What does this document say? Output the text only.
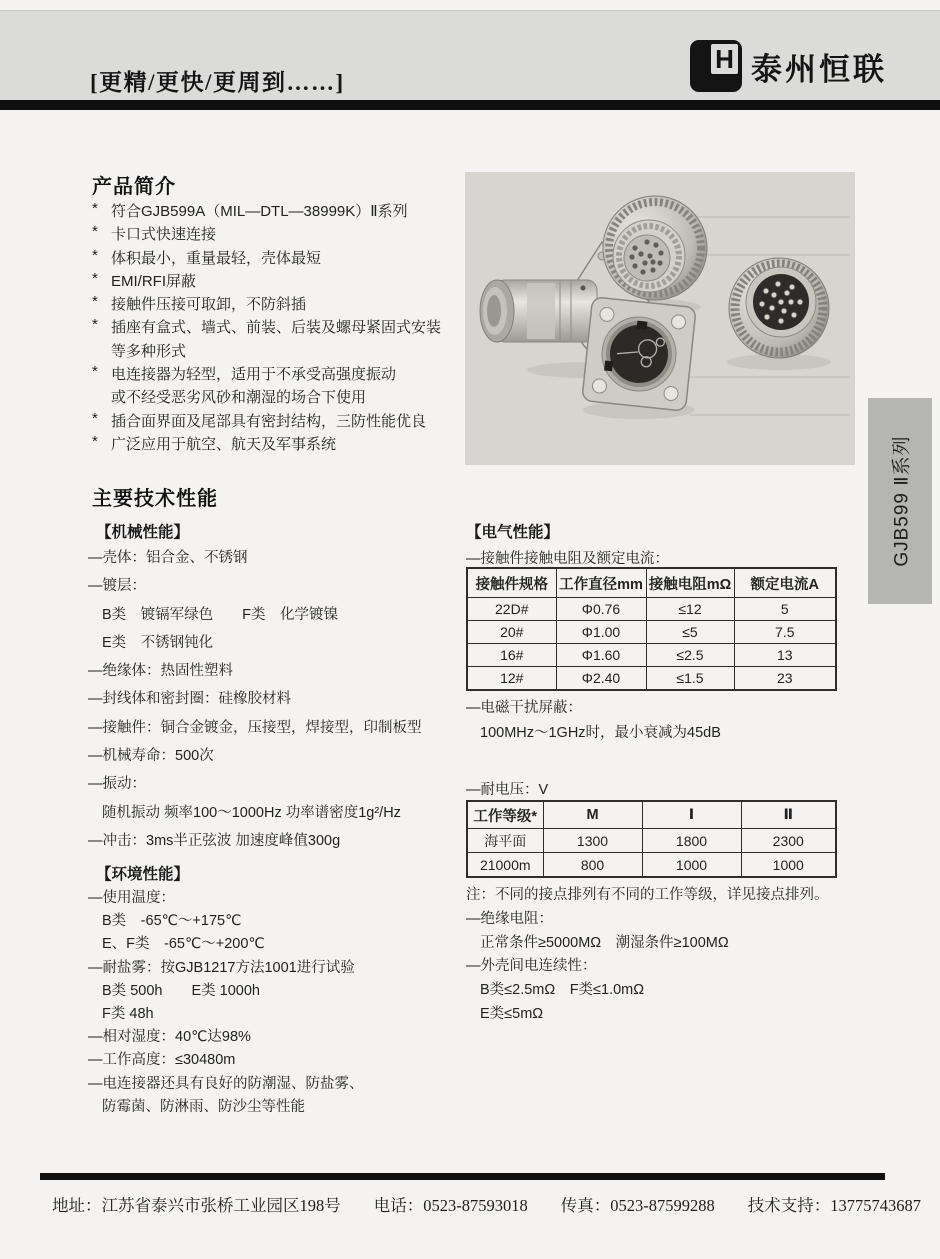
[更精/更快/更周到……]
H 泰州恒联
GJB599 Ⅱ系列
产品简介
* 符合GJB599A（MIL—DTL—38999K）Ⅱ系列
* 卡口式快速连接
* 体积最小，重量最轻，壳体最短
* EMI/RFI屏蔽
* 接触件压接可取卸，不防斜插
* 插座有盒式、墙式、前装、后装及螺母紧固式安装
等多种形式
* 电连接器为轻型，适用于不承受高强度振动
或不经受恶劣风砂和潮湿的场合下使用
* 插合面界面及尾部具有密封结构，三防性能优良
* 广泛应用于航空、航天及军事系统
主要技术性能
【机械性能】
—壳体：铝合金、不锈钢
—镀层：
B类　镀镉军绿色　　F类　化学镀镍
E类　不锈钢钝化
—绝缘体：热固性塑料
—封线体和密封圈：硅橡胶材料
—接触件：铜合金镀金，压接型，焊接型，印制板型
—机械寿命：500次
—振动：
随机振动 频率100～1000Hz 功率谱密度1g²/Hz
—冲击：3ms半正弦波 加速度峰值300g
【环境性能】
—使用温度：
B类　-65℃～+175℃
E、F类　-65℃～+200℃
—耐盐雾：按GJB1217方法1001进行试验
B类 500h　　E类 1000h
F类 48h
—相对湿度：40℃达98%
—工作高度：≤30480m
—电连接器还具有良好的防潮湿、防盐雾、
防霉菌、防淋雨、防沙尘等性能
【电气性能】
—接触件接触电阻及额定电流：
接触件规格	工作直径mm	接触电阻mΩ	额定电流A
22D#	Φ0.76	≤12	5
20#	Φ1.00	≤5	7.5
16#	Φ1.60	≤2.5	13
12#	Φ2.40	≤1.5	23
—电磁干扰屏蔽：
100MHz～1GHz时，最小衰减为45dB
—耐电压：V
工作等级*	M	Ⅰ	Ⅱ
海平面	1300	1800	2300
21000m	800	1000	1000
注：不同的接点排列有不同的工作等级，详见接点排列。
—绝缘电阻：
正常条件≥5000MΩ　潮湿条件≥100MΩ
—外壳间电连续性：
B类≤2.5mΩ　F类≤1.0mΩ
E类≤5mΩ
地址：江苏省泰兴市张桥工业园区198号 电话：0523-87593018 传真：0523-87599288 技术支持：13775743687
